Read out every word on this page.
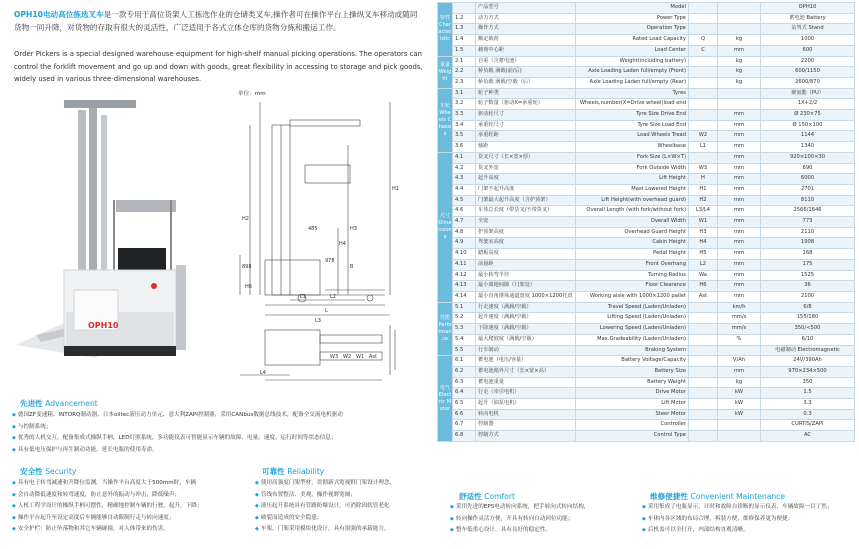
OPH10电动高位拣选叉车是一款专用于高位货架人工拣选作业的仓储类叉车,操作者可在操作平台上操纵叉车移动或随同货物一同升降，对货物的存取有很大的灵活性，广泛适用于各式立体仓库的货物分拣和搬运工作。
Order Pickers is a special designed warehouse equipment for high-shelf manual picking operations. The operators can control the forklift movement and go up and down with goods, great flexibility in accessing to storage and pick goods, widely used in various three-dimensional warehouses.
OPH10
单位：mm
H1
H2
H3
H4
H6
898
978
B
485
L
L1	L2
L3
L4
W3 W2 W1 Ast
先进性 Advancement
◆ 德国ZF变速箱、INTORQ制动器、日本oiltec液压动力单元、意大利ZAPI控制器，采用CANbus数据总线技术，配备全交流电机驱动
◆ 与控制系统；
◆ 优秀的人机交互，配备集成式操纵手柄，LED灯照系统，多功能仪表可智能显示车辆的故障、电量、速度、运行时间等状态信息；
◆ 具有低电压保护与再生制动功能，延长电瓶的使用寿命。
安全性 Security
◆ 具有电子转弯减速和升降位监测，当操作平台高度大于500mm时，车辆
◆ 会自动降低速度和转弯速度，防止意外的振动与冲击，降低噪声；
◆ 人机工程学设计的操纵手柄可摆性，精确地控制车辆的行驶，起升，下降；
◆ 操作平台起升至设定高度后车辆能够自动限制行走与转向速度；
◆ 安全护栏：防止坠落物和其它车辆碰撞，对人体带来的伤害。
可靠性 Reliability
◆ 使用高强度门架型材，贯彻新式宽视野门架设计理念，
◆ 管线布置整洁、美观，操作视野宽阔；
◆ 液压起升系统具有管路防爆设计，可消除因软管老化
◆ 破裂而造成的安全隐患；
◆ 车架、门架采用模块化设计，具有很强的承载能力。
特性 Characteristic		产品型号	Model			OPH10
	1.2	动力方式	Power Type			蓄电池 Battery
	1.3	操作方式	Operation Type			站驾式 Stand
	1.4	额定载荷	Rated Load Capacity	Q	kg	1000
	1.5	载荷中心距	Load Center	C	mm	600
重量 Weight	2.1	自重（含蓄电池）	Weight(including battery)		kg	2200
	2.2	桥负载 满载(前/后)	Axle Loading Laden full/empty (Front)		kg	600/1150
	2.3	桥负载 满载/空载（后）	Axle Loading Laden full/empty (Rear)		kg	2600/870
车轮 Wheels Chassis	3.1	轮子种类	Tyres			聚氨酯（PU）
	3.2	轮子数量（驱动X=承重轮）	Wheels,number(X=Drive wheel)load end			1X+2/2
	3.3	驱动轮尺寸	Tyre Size Drive End		mm	Ø 230×75
	3.4	承重轮尺寸	Tyre Size Load End		mm	Ø 150×100
	3.5	承重轮距	Load Wheels Tread	W2	mm	1144
	3.6	轴距	Wheelbase	L1	mm	1340
尺寸 Dimensions	4.1	货叉尺寸（长×宽×厚）	Fork Size (L×W×T)		mm	920×100×30
	4.2	货叉外宽	Fork Outside Width	W3	mm	690
	4.3	起升高度	Lift Height	H	mm	6000
	4.4	门架不起升高度	Mast Lowered Height	H1	mm	2701
	4.5	门架最大起升高度（含护顶架）	Lift Height(with overhead guard)	H2	mm	8110
	4.6	车体总长度（带货叉/不带货叉）	Overall Length (with fork/without fork)	L3/L4	mm	2566/1646
	4.7	全宽	Overall Width	W1	mm	773
	4.8	护顶架高度	Overhead Guard Height	H3	mm	2110
	4.9	驾驶室高度	Cabin Height	H4	mm	1908
	4.10	踏板高度	Pedal Height	H5	mm	168
	4.11	前悬距	Front Overhang	L2	mm	175
	4.12	最小转弯半径	Turning Radius	Wa	mm	1525
	4.13	最小离地间隙（门架处）	Floor Clearance	H6	mm	36
	4.14	最小直角堆垛通道宽度 1000×1200托盘	Working aisle with 1000×1200 pallet	Ast	mm	2100
性能 Performance	5.1	行走速度（满载/空载）	Travel Speed (Laden/Unladen)		km/h	6/8
	5.2	起升速度（满载/空载）	Lifting Speed (Laden/Unladen)		mm/s	155/180
	5.3	下降速度（满载/空载）	Lowering Speed (Laden/Unladen)		mm/s	350/<500
	5.4	最大爬坡度（满载/空载）	Max.Gradeability (Laden/Unladen)		%	6/10
	5.5	行车制动	Braking System			电磁制动 Electromagnetic
电气 Electric Motor	6.1	蓄电池（电压/容量）	Battery Voltage/Capacity		V/Ah	24V/390Ah
	6.2	蓄电池箱外尺寸（长×宽×高）	Battery Size		mm	970×234×500
	6.3	蓄电池重量	Battery Weight		kg	350
	6.4	行走（牵引电机）	Drive Motor		kW	1.5
	6.5	起升（油泵电机）	Lift Motor		kW	3.3
	6.6	转向电机	Steer Motor		kW	0.3
	6.7	控制器	Controller			CURTIS/ZAPI
	6.8	控制方式	Control Type			AC
舒适性 Comfort
◆ 采用先进的EPS电动转向系统，把手转向式转向结构，
◆ 转向操作灵活方便，开具有转向自动回位功能；
◆ 整车低重心设计，具有良好的稳定性。
维修便捷性 Convenient Maintenance
◆ 采用集成了电瓶显示、计时和故障自诊断的显示仪表，车辆故障一目了然；
◆ 车体内各区域的布局合理，拆装方便，维修保养更为便捷；
◆ 后机盖可以全打开，内部结构直观清晰。
